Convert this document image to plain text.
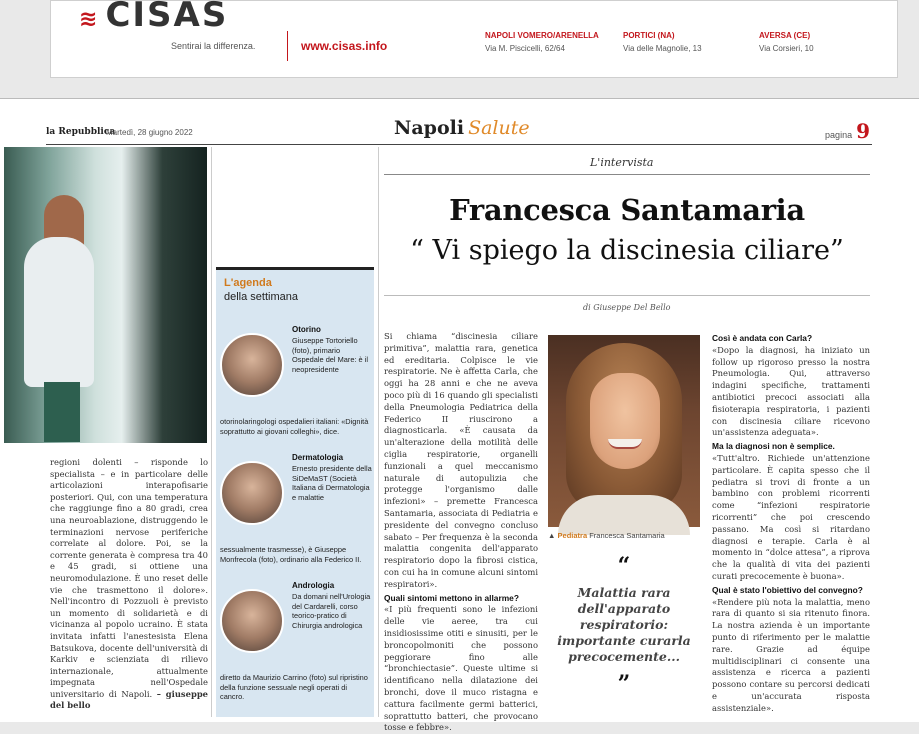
≋ CISAS
Sentirai la differenza.	www.cisas.info
NAPOLI VOMERO/ARENELLA
Via M. Piscicelli, 62/64
PORTICI (NA)
Via delle Magnolie, 13
AVERSA (CE)
Via Corsieri, 10
la Repubblica
Martedì, 28 giugno 2022	Napoli Salute	pagina 9
regioni dolenti – risponde lo specialista – e in particolare delle articolazioni interapofisarie posteriori. Qui, con una temperatura che raggiunge fino a 80 gradi, crea una neuroablazione, distruggendo le terminazioni nervose periferiche correlate al dolore. Poi, se la corrente generata è compresa tra 40 e 45 gradi, si ottiene una neuromodulazione. È uno reset delle vie che trasmettono il dolore». Nell'incontro di Pozzuoli è previsto un momento di solidarietà e di vicinanza al popolo ucraino. È stata invitata infatti l'anestesista Elena Batsukova, docente dell'università di Karkiv e scienziata di rilievo internazionale, attualmente impegnata nell'Ospedale universitario di Napoli. – giuseppe del bello
L'agenda
della settimana
Otorino
Giuseppe Tortoriello (foto), primario Ospedale del Mare: è il neopresidente
otorinolaringologi ospedalieri italiani: «Dignità soprattutto ai giovani colleghi», dice.
Dermatologia
Ernesto presidente della SiDeMaST (Società Italiana di Dermatologia e malattie
sessualmente trasmesse), è Giuseppe Monfrecola (foto), ordinario alla Federico II.
Andrologia
Da domani nell'Urologia del Cardarelli, corso teorico-pratico di Chirurgia andrologica
diretto da Maurizio Carrino (foto) sul ripristino della funzione sessuale negli operati di cancro.
L'intervista
Francesca Santamaria
“ Vi spiego la discinesia ciliare”
di Giuseppe Del Bello
Si chiama “discinesia ciliare primitiva”, malattia rara, genetica ed ereditaria. Colpisce le vie respiratorie. Ne è affetta Carla, che oggi ha 28 anni e che ne aveva poco più di 16 quando gli specialisti della Pneumologia Pediatrica della Federico II riuscirono a diagnosticarla. «È causata da un'alterazione della motilità delle ciglia respiratorie, organelli funzionali a quel meccanismo naturale di autopulizia che protegge l'organismo dalle infezioni» – premette Francesca Santamaria, associata di Pediatria e presidente del convegno concluso sabato – Per frequenza è la seconda malattia congenita dell'apparato respiratorio dopo la fibrosi cistica, con cui ha in comune alcuni sintomi respiratori».
Quali sintomi mettono in allarme?
«I più frequenti sono le infezioni delle vie aeree, tra cui insidiosissime otiti e sinusiti, per le broncopolmoniti che possono peggiorare fino alle “bronchiectasie”. Queste ultime si identificano nella dilatazione dei bronchi, dove il muco ristagna e cattura facilmente germi batterici, soprattutto batteri, che provocano tosse e febbre».
▲ Pediatra Francesca Santamaria
“
Malattia rara dell'apparato respiratorio: importante curarla precocemente...
”
Così è andata con Carla?
«Dopo la diagnosi, ha iniziato un follow up rigoroso presso la nostra Pneumologia. Qui, attraverso indagini specifiche, trattamenti antibiotici precoci associati alla fisioterapia respiratoria, i pazienti con discinesia ciliare ricevono un'assistenza adeguata».
Ma la diagnosi non è semplice.
«Tutt'altro. Richiede un'attenzione particolare. È capita spesso che il pediatra si trovi di fronte a un bambino con problemi ricorrenti come “infezioni respiratorie ricorrenti” che poi crescendo passano. Ma così si ritardano diagnosi e terapie. Carla è al momento in “dolce attesa”, a riprova che la qualità di vita dei pazienti curati precocemente è buona».
Qual è stato l'obiettivo del convegno?
«Rendere più nota la malattia, meno rara di quanto si sia ritenuto finora. La nostra azienda è un importante punto di riferimento per le malattie rare. Grazie ad équipe multidisciplinari ci consente una assistenza e ricerca a pazienti possono contare su percorsi dedicati e un'accurata risposta assistenziale».
